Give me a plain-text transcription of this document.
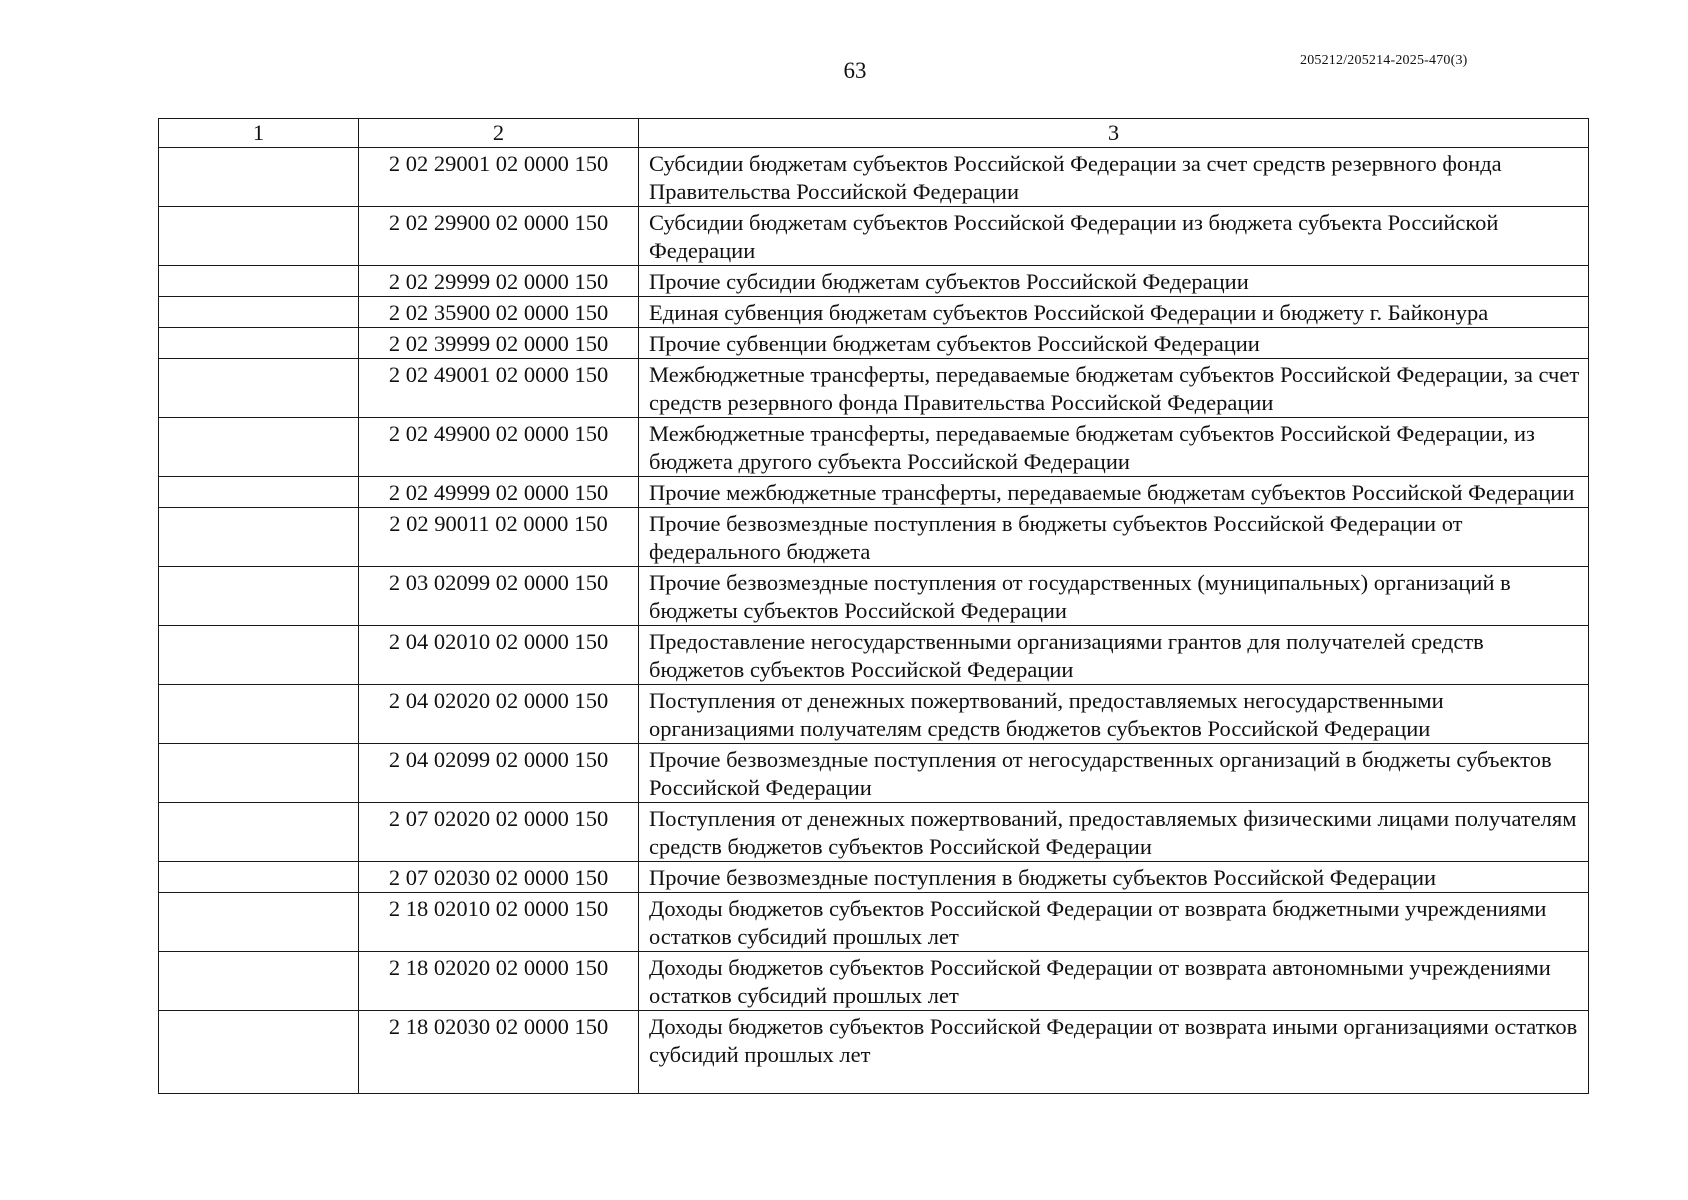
63	205212/205214-2025-470(3)
1	2	3
	2 02 29001 02 0000 150	Субсидии бюджетам субъектов Российской Федерации за счет средств резервного фонда Правительства Российской Федерации
	2 02 29900 02 0000 150	Субсидии бюджетам субъектов Российской Федерации из бюджета субъекта Российской Федерации
	2 02 29999 02 0000 150	Прочие субсидии бюджетам субъектов Российской Федерации
	2 02 35900 02 0000 150	Единая субвенция бюджетам субъектов Российской Федерации и бюджету г. Байконура
	2 02 39999 02 0000 150	Прочие субвенции бюджетам субъектов Российской Федерации
	2 02 49001 02 0000 150	Межбюджетные трансферты, передаваемые бюджетам субъектов Российской Федерации, за счет средств резервного фонда Правительства Российской Федерации
	2 02 49900 02 0000 150	Межбюджетные трансферты, передаваемые бюджетам субъектов Российской Федерации, из бюджета другого субъекта Российской Федерации
	2 02 49999 02 0000 150	Прочие межбюджетные трансферты, передаваемые бюджетам субъектов Российской Федерации
	2 02 90011 02 0000 150	Прочие безвозмездные поступления в бюджеты субъектов Российской Федерации от федерального бюджета
	2 03 02099 02 0000 150	Прочие безвозмездные поступления от государственных (муниципальных) организаций в бюджеты субъектов Российской Федерации
	2 04 02010 02 0000 150	Предоставление негосударственными организациями грантов для получателей средств бюджетов субъектов Российской Федерации
	2 04 02020 02 0000 150	Поступления от денежных пожертвований, предоставляемых негосударственными организациями получателям средств бюджетов субъектов Российской Федерации
	2 04 02099 02 0000 150	Прочие безвозмездные поступления от негосударственных организаций в бюджеты субъектов Российской Федерации
	2 07 02020 02 0000 150	Поступления от денежных пожертвований, предоставляемых физическими лицами получателям средств бюджетов субъектов Российской Федерации
	2 07 02030 02 0000 150	Прочие безвозмездные поступления в бюджеты субъектов Российской Федерации
	2 18 02010 02 0000 150	Доходы бюджетов субъектов Российской Федерации от возврата бюджетными учреждениями остатков субсидий прошлых лет
	2 18 02020 02 0000 150	Доходы бюджетов субъектов Российской Федерации от возврата автономными учреждениями остатков субсидий прошлых лет
	2 18 02030 02 0000 150	Доходы бюджетов субъектов Российской Федерации от возврата иными организациями остатков субсидий прошлых лет
